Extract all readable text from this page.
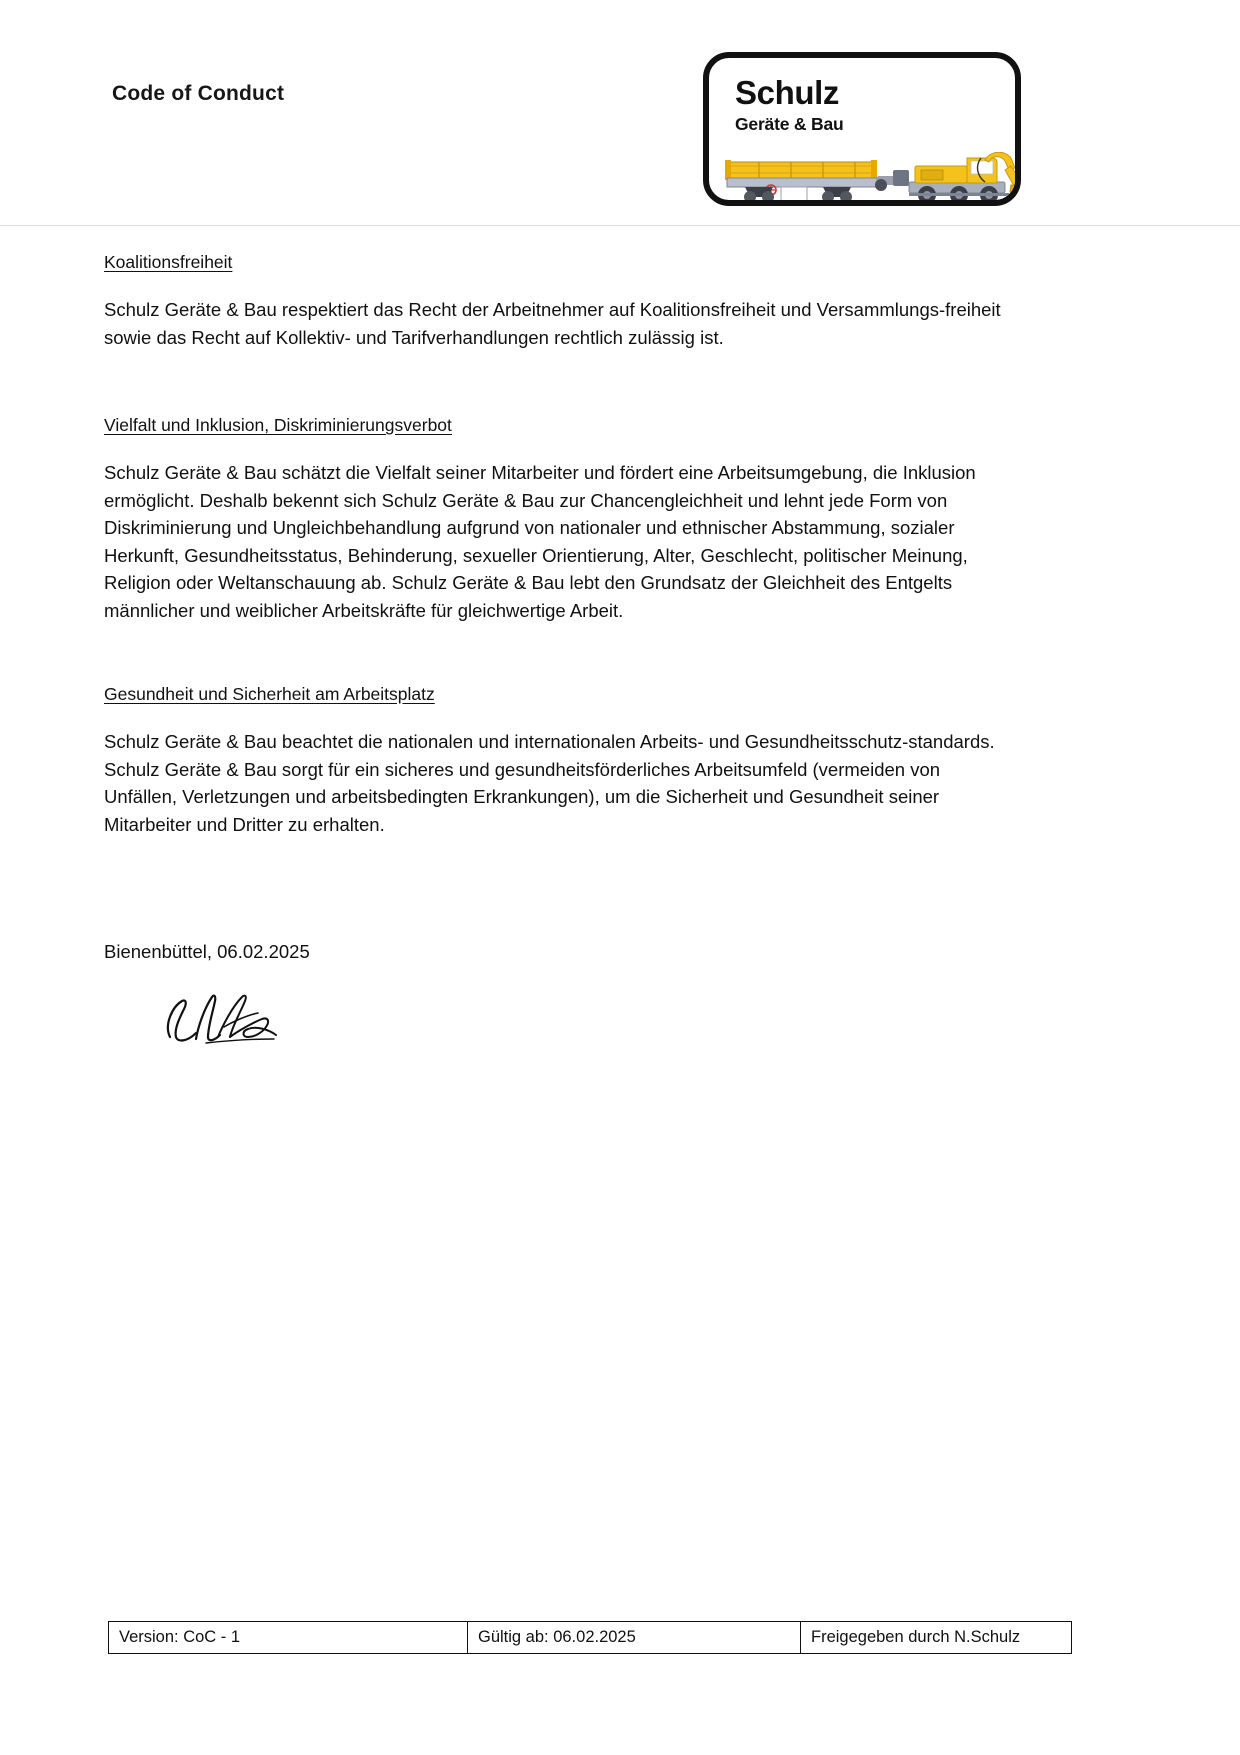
Code of Conduct	Schulz
Geräte & Bau
Koalitionsfreiheit

Schulz Geräte & Bau respektiert das Recht der Arbeitnehmer auf Koalitionsfreiheit und Versammlungs-freiheit sowie das Recht auf Kollektiv- und Tarifverhandlungen rechtlich zulässig ist.

Vielfalt und Inklusion, Diskriminierungsverbot

Schulz Geräte & Bau schätzt die Vielfalt seiner Mitarbeiter und fördert eine Arbeitsumgebung, die Inklusion ermöglicht. Deshalb bekennt sich Schulz Geräte & Bau zur Chancengleichheit und lehnt jede Form von Diskriminierung und Ungleichbehandlung aufgrund von nationaler und ethnischer Abstammung, sozialer Herkunft, Gesundheitsstatus, Behinderung, sexueller Orientierung, Alter, Geschlecht, politischer Meinung, Religion oder Weltanschauung ab. Schulz Geräte & Bau lebt den Grundsatz der Gleichheit des Entgelts männlicher und weiblicher Arbeitskräfte für gleichwertige Arbeit.

Gesundheit und Sicherheit am Arbeitsplatz

Schulz Geräte & Bau beachtet die nationalen und internationalen Arbeits- und Gesundheitsschutz-standards. Schulz Geräte & Bau sorgt für ein sicheres und gesundheitsförderliches Arbeitsumfeld (vermeiden von Unfällen, Verletzungen und arbeitsbedingten Erkrankungen), um die Sicherheit und Gesundheit seiner Mitarbeiter und Dritter zu erhalten.

Bienenbüttel, 06.02.2025
Version: CoC - 1	Gültig ab: 06.02.2025	Freigegeben durch N.Schulz
